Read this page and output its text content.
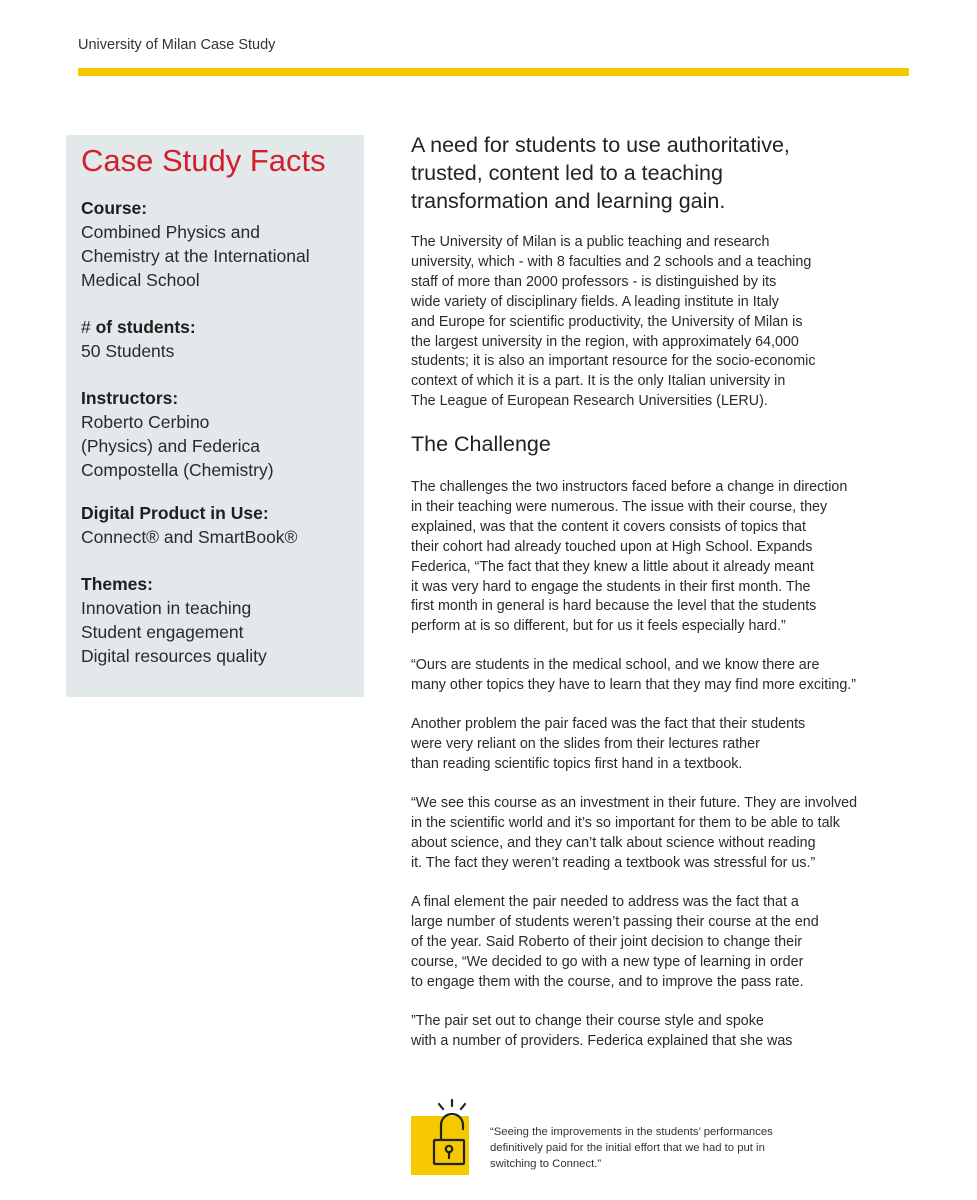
University of Milan Case Study
Case Study Facts
Course:
Combined Physics and
Chemistry at the International
Medical School
# of students:
50 Students
Instructors:
Roberto Cerbino
(Physics) and Federica
Compostella (Chemistry)
Digital Product in Use:
Connect® and SmartBook®
Themes:
Innovation in teaching
Student engagement
Digital resources quality
A need for students to use authoritative,
trusted, content led to a teaching
transformation and learning gain.
The University of Milan is a public teaching and research
university, which - with 8 faculties and 2 schools and a teaching
staff of more than 2000 professors - is distinguished by its
wide variety of disciplinary fields. A leading institute in Italy
and Europe for scientific productivity, the University of Milan is
the largest university in the region, with approximately 64,000
students; it is also an important resource for the socio-economic
context of which it is a part. It is the only Italian university in
The League of European Research Universities (LERU).
The Challenge
The challenges the two instructors faced before a change in direction
in their teaching were numerous. The issue with their course, they
explained, was that the content it covers consists of topics that
their cohort had already touched upon at High School. Expands
Federica, “The fact that they knew a little about it already meant
it was very hard to engage the students in their first month. The
first month in general is hard because the level that the students
perform at is so different, but for us it feels especially hard.”
“Ours are students in the medical school, and we know there are
many other topics they have to learn that they may find more exciting.”
Another problem the pair faced was the fact that their students
were very reliant on the slides from their lectures rather
than reading scientific topics first hand in a textbook.
“We see this course as an investment in their future. They are involved
in the scientific world and it’s so important for them to be able to talk
about science, and they can’t talk about science without reading
it. The fact they weren’t reading a textbook was stressful for us.”
A final element the pair needed to address was the fact that a
large number of students weren’t passing their course at the end
of the year. Said Roberto of their joint decision to change their
course, “We decided to go with a new type of learning in order
to engage them with the course, and to improve the pass rate.
”The pair set out to change their course style and spoke
with a number of providers. Federica explained that she was
“Seeing the improvements in the students’ performances
definitively paid for the initial effort that we had to put in
switching to Connect.”
